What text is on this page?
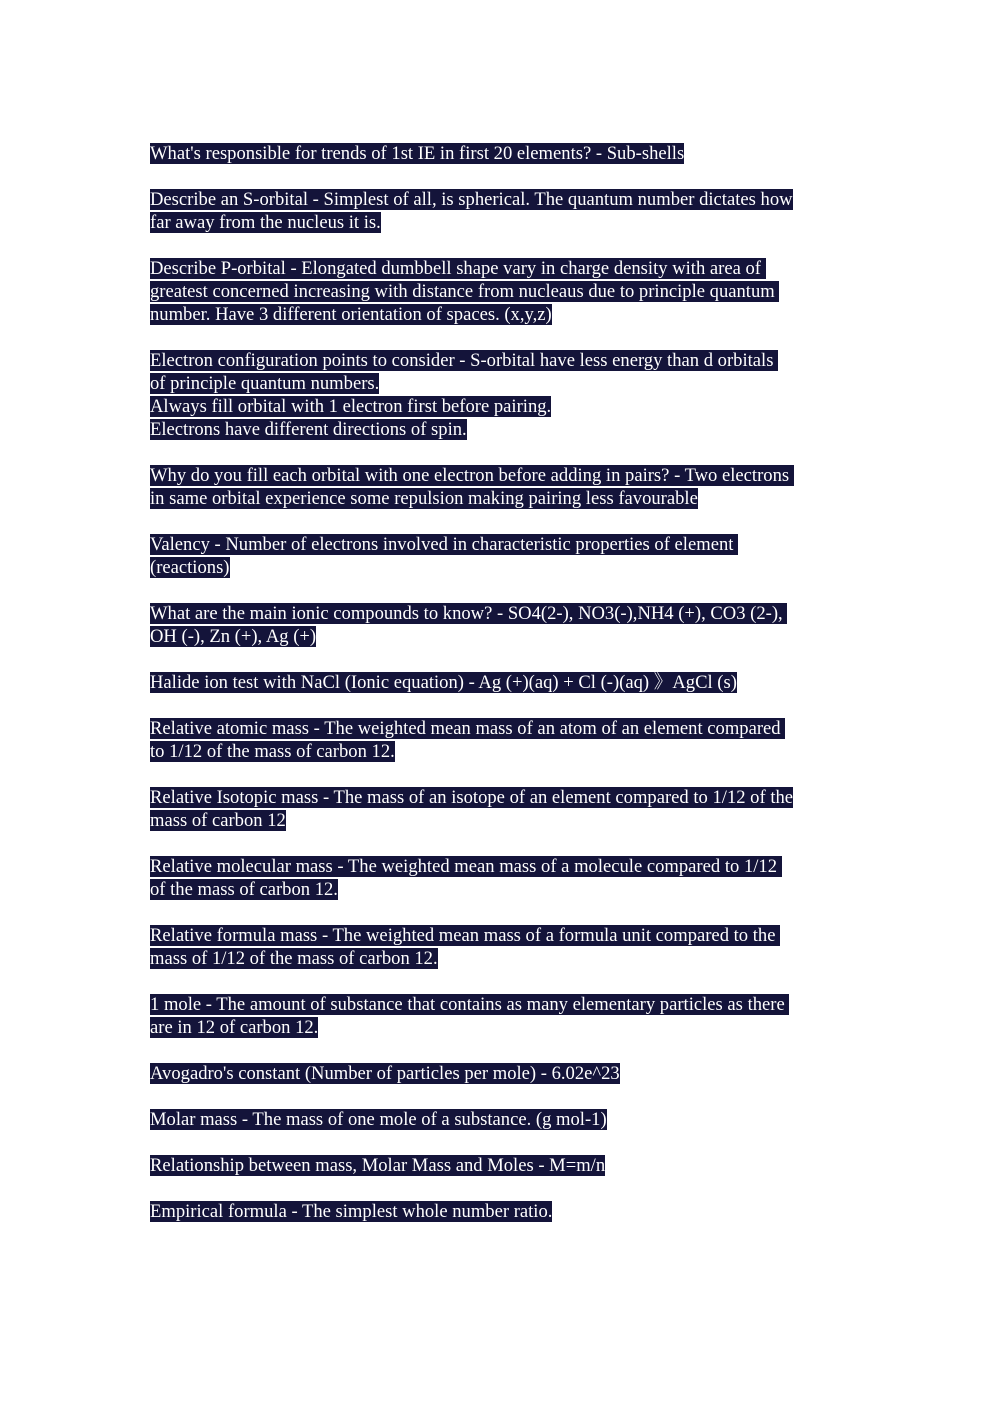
What's responsible for trends of 1st IE in first 20 elements? - Sub-shells
Describe an S-orbital - Simplest of all, is spherical. The quantum number dictates how
far away from the nucleus it is.
Describe P-orbital - Elongated dumbbell shape vary in charge density with area of
greatest concerned increasing with distance from nucleaus due to principle quantum
number. Have 3 different orientation of spaces. (x,y,z)
Electron configuration points to consider - S-orbital have less energy than d orbitals
of principle quantum numbers.
Always fill orbital with 1 electron first before pairing.
Electrons have different directions of spin.
Why do you fill each orbital with one electron before adding in pairs? - Two electrons
in same orbital experience some repulsion making pairing less favourable
Valency - Number of electrons involved in characteristic properties of element
(reactions)
What are the main ionic compounds to know? - SO4(2-), NO3(-),NH4 (+), CO3 (2-),
OH (-), Zn (+), Ag (+)
Halide ion test with NaCl (Ionic equation) - Ag (+)(aq) + Cl (-)(aq) 》AgCl (s)
Relative atomic mass - The weighted mean mass of an atom of an element compared
to 1/12 of the mass of carbon 12.
Relative Isotopic mass - The mass of an isotope of an element compared to 1/12 of the
mass of carbon 12
Relative molecular mass - The weighted mean mass of a molecule compared to 1/12
of the mass of carbon 12.
Relative formula mass - The weighted mean mass of a formula unit compared to the
mass of 1/12 of the mass of carbon 12.
1 mole - The amount of substance that contains as many elementary particles as there
are in 12 of carbon 12.
Avogadro's constant (Number of particles per mole) - 6.02e^23
Molar mass - The mass of one mole of a substance. (g mol-1)
Relationship between mass, Molar Mass and Moles - M=m/n
Empirical formula - The simplest whole number ratio.
